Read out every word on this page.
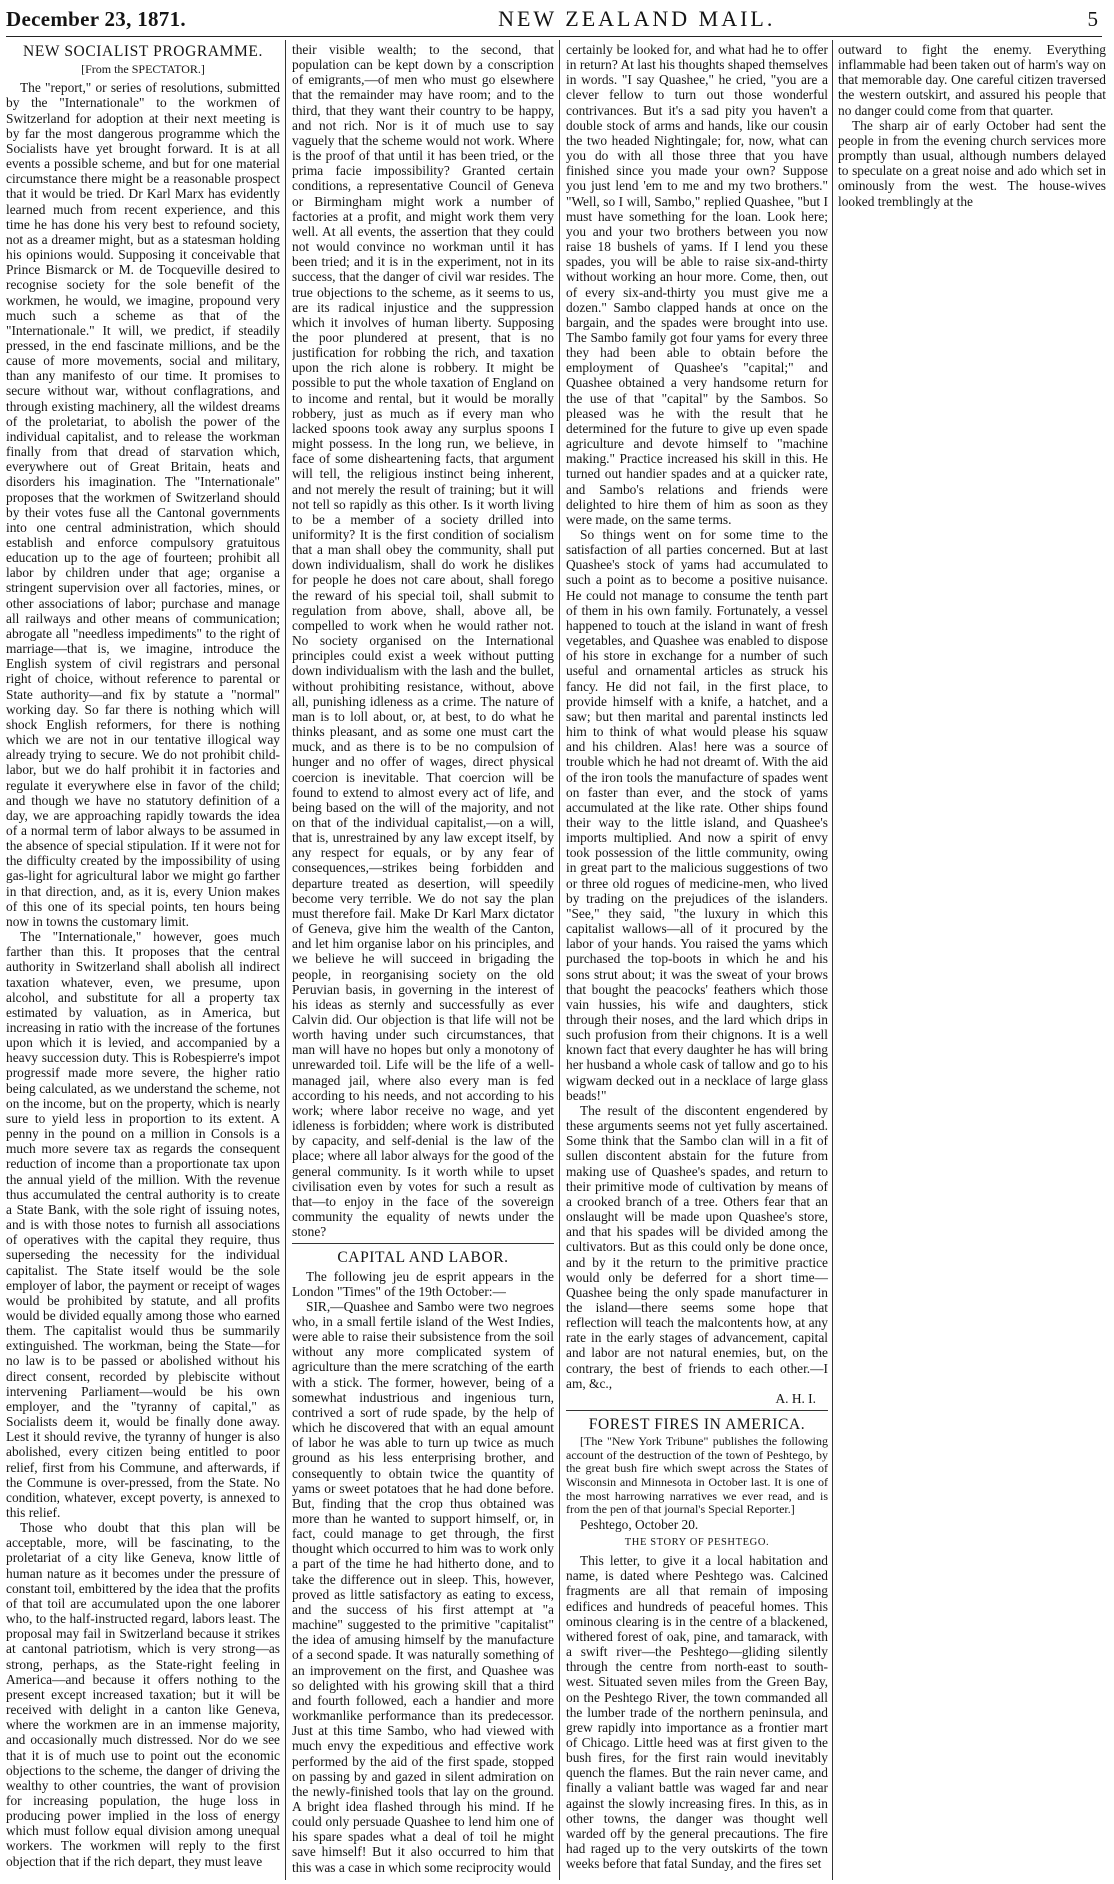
December 23, 1871.	NEW ZEALAND MAIL.	5
NEW SOCIALIST PROGRAMME.
[From the SPECTATOR.]

The "report," or series of resolutions, submitted by the "Internationale" to the workmen of Switzerland for adoption at their next meeting is by far the most dangerous programme which the Socialists have yet brought forward. It is at all events a possible scheme, and but for one material circumstance there might be a reasonable prospect that it would be tried. Dr Karl Marx has evidently learned much from recent experience, and this time he has done his very best to refound society, not as a dreamer might, but as a statesman holding his opinions would. Supposing it conceivable that Prince Bismarck or M. de Tocqueville desired to recognise society for the sole benefit of the workmen, he would, we imagine, propound very much such a scheme as that of the "Internationale." It will, we predict, if steadily pressed, in the end fascinate millions, and be the cause of more movements, social and military, than any manifesto of our time. It promises to secure without war, without conflagrations, and through existing machinery, all the wildest dreams of the proletariat, to abolish the power of the individual capitalist, and to release the workman finally from that dread of starvation which, everywhere out of Great Britain, heats and disorders his imagination. The "Internationale" proposes that the workmen of Switzerland should by their votes fuse all the Cantonal governments into one central administration, which should establish and enforce compulsory gratuitous education up to the age of fourteen; prohibit all labor by children under that age; organise a stringent supervision over all factories, mines, or other associations of labor; purchase and manage all railways and other means of communication; abrogate all "needless impediments" to the right of marriage—that is, we imagine, introduce the English system of civil registrars and personal right of choice, without reference to parental or State authority—and fix by statute a "normal" working day. So far there is nothing which will shock English reformers, for there is nothing which we are not in our tentative illogical way already trying to secure. We do not prohibit child-labor, but we do half prohibit it in factories and regulate it everywhere else in favor of the child; and though we have no statutory definition of a day, we are approaching rapidly towards the idea of a normal term of labor always to be assumed in the absence of special stipulation. If it were not for the difficulty created by the impossibility of using gas-light for agricultural labor we might go farther in that direction, and, as it is, every Union makes of this one of its special points, ten hours being now in towns the customary limit.

The "Internationale," however, goes much farther than this. It proposes that the central authority in Switzerland shall abolish all indirect taxation whatever, even, we presume, upon alcohol, and substitute for all a property tax estimated by valuation, as in America, but increasing in ratio with the increase of the fortunes upon which it is levied, and accompanied by a heavy succession duty. This is Robespierre's impot progressif made more severe, the higher ratio being calculated, as we understand the scheme, not on the income, but on the property, which is nearly sure to yield less in proportion to its extent. A penny in the pound on a million in Consols is a much more severe tax as regards the consequent reduction of income than a proportionate tax upon the annual yield of the million. With the revenue thus accumulated the central authority is to create a State Bank, with the sole right of issuing notes, and is with those notes to furnish all associations of operatives with the capital they require, thus superseding the necessity for the individual capitalist. The State itself would be the sole employer of labor, the payment or receipt of wages would be prohibited by statute, and all profits would be divided equally among those who earned them. The capitalist would thus be summarily extinguished. The workman, being the State—for no law is to be passed or abolished without his direct consent, recorded by plebiscite without intervening Parliament—would be his own employer, and the "tyranny of capital," as Socialists deem it, would be finally done away. Lest it should revive, the tyranny of hunger is also abolished, every citizen being entitled to poor relief, first from his Commune, and afterwards, if the Commune is over-pressed, from the State. No condition, whatever, except poverty, is annexed to this relief.

Those who doubt that this plan will be acceptable, more, will be fascinating, to the proletariat of a city like Geneva, know little of human nature as it becomes under the pressure of constant toil, embittered by the idea that the profits of that toil are accumulated upon the one laborer who, to the half-instructed regard, labors least. The proposal may fail in Switzerland because it strikes at cantonal patriotism, which is very strong—as strong, perhaps, as the State-right feeling in America—and because it offers nothing to the present except increased taxation; but it will be received with delight in a canton like Geneva, where the workmen are in an immense majority, and occasionally much distressed. Nor do we see that it is of much use to point out the economic objections to the scheme, the danger of driving the wealthy to other countries, the want of provision for increasing population, the huge loss in producing power implied in the loss of energy which must follow equal division among unequal workers. The workmen will reply to the first objection that if the rich depart, they must leave

their visible wealth; to the second, that population can be kept down by a conscription of emigrants,—of men who must go elsewhere that the remainder may have room; and to the third, that they want their country to be happy, and not rich. Nor is it of much use to say vaguely that the scheme would not work. Where is the proof of that until it has been tried, or the prima facie impossibility? Granted certain conditions, a representative Council of Geneva or Birmingham might work a number of factories at a profit, and might work them very well. At all events, the assertion that they could not would convince no workman until it has been tried; and it is in the experiment, not in its success, that the danger of civil war resides. The true objections to the scheme, as it seems to us, are its radical injustice and the suppression which it involves of human liberty. Supposing the poor plundered at present, that is no justification for robbing the rich, and taxation upon the rich alone is robbery. It might be possible to put the whole taxation of England on to income and rental, but it would be morally robbery, just as much as if every man who lacked spoons took away any surplus spoons I might possess. In the long run, we believe, in face of some disheartening facts, that argument will tell, the religious instinct being inherent, and not merely the result of training; but it will not tell so rapidly as this other. Is it worth living to be a member of a society drilled into uniformity? It is the first condition of socialism that a man shall obey the community, shall put down individualism, shall do work he dislikes for people he does not care about, shall forego the reward of his special toil, shall submit to regulation from above, shall, above all, be compelled to work when he would rather not. No society organised on the International principles could exist a week without putting down individualism with the lash and the bullet, without prohibiting resistance, without, above all, punishing idleness as a crime. The nature of man is to loll about, or, at best, to do what he thinks pleasant, and as some one must cart the muck, and as there is to be no compulsion of hunger and no offer of wages, direct physical coercion is inevitable. That coercion will be found to extend to almost every act of life, and being based on the will of the majority, and not on that of the individual capitalist,—on a will, that is, unrestrained by any law except itself, by any respect for equals, or by any fear of consequences,—strikes being forbidden and departure treated as desertion, will speedily become very terrible. We do not say the plan must therefore fail. Make Dr Karl Marx dictator of Geneva, give him the wealth of the Canton, and let him organise labor on his principles, and we believe he will succeed in brigading the people, in reorganising society on the old Peruvian basis, in governing in the interest of his ideas as sternly and successfully as ever Calvin did. Our objection is that life will not be worth having under such circumstances, that man will have no hopes but only a monotony of unrewarded toil. Life will be the life of a well-managed jail, where also every man is fed according to his needs, and not according to his work; where labor receive no wage, and yet idleness is forbidden; where work is distributed by capacity, and self-denial is the law of the place; where all labor always for the good of the general community. Is it worth while to upset civilisation even by votes for such a result as that—to enjoy in the face of the sovereign community the equality of newts under the stone?

CAPITAL AND LABOR.

The following jeu de esprit appears in the London "Times" of the 19th October:—

SIR,—Quashee and Sambo were two negroes who, in a small fertile island of the West Indies, were able to raise their subsistence from the soil without any more complicated system of agriculture than the mere scratching of the earth with a stick. The former, however, being of a somewhat industrious and ingenious turn, contrived a sort of rude spade, by the help of which he discovered that with an equal amount of labor he was able to turn up twice as much ground as his less enterprising brother, and consequently to obtain twice the quantity of yams or sweet potatoes that he had done before. But, finding that the crop thus obtained was more than he wanted to support himself, or, in fact, could manage to get through, the first thought which occurred to him was to work only a part of the time he had hitherto done, and to take the difference out in sleep. This, however, proved as little satisfactory as eating to excess, and the success of his first attempt at "a machine" suggested to the primitive "capitalist" the idea of amusing himself by the manufacture of a second spade. It was naturally something of an improvement on the first, and Quashee was so delighted with his growing skill that a third and fourth followed, each a handier and more workmanlike performance than its predecessor. Just at this time Sambo, who had viewed with much envy the expeditious and effective work performed by the aid of the first spade, stopped on passing by and gazed in silent admiration on the newly-finished tools that lay on the ground. A bright idea flashed through his mind. If he could only persuade Quashee to lend him one of his spare spades what a deal of toil he might save himself! But it also occurred to him that this was a case in which some reciprocity would

certainly be looked for, and what had he to offer in return? At last his thoughts shaped themselves in words. "I say Quashee," he cried, "you are a clever fellow to turn out those wonderful contrivances. But it's a sad pity you haven't a double stock of arms and hands, like our cousin the two headed Nightingale; for, now, what can you do with all those three that you have finished since you made your own? Suppose you just lend 'em to me and my two brothers." "Well, so I will, Sambo," replied Quashee, "but I must have something for the loan. Look here; you and your two brothers between you now raise 18 bushels of yams. If I lend you these spades, you will be able to raise six-and-thirty without working an hour more. Come, then, out of every six-and-thirty you must give me a dozen." Sambo clapped hands at once on the bargain, and the spades were brought into use. The Sambo family got four yams for every three they had been able to obtain before the employment of Quashee's "capital;" and Quashee obtained a very handsome return for the use of that "capital" by the Sambos. So pleased was he with the result that he determined for the future to give up even spade agriculture and devote himself to "machine making." Practice increased his skill in this. He turned out handier spades and at a quicker rate, and Sambo's relations and friends were delighted to hire them of him as soon as they were made, on the same terms.

So things went on for some time to the satisfaction of all parties concerned. But at last Quashee's stock of yams had accumulated to such a point as to become a positive nuisance. He could not manage to consume the tenth part of them in his own family. Fortunately, a vessel happened to touch at the island in want of fresh vegetables, and Quashee was enabled to dispose of his store in exchange for a number of such useful and ornamental articles as struck his fancy. He did not fail, in the first place, to provide himself with a knife, a hatchet, and a saw; but then marital and parental instincts led him to think of what would please his squaw and his children. Alas! here was a source of trouble which he had not dreamt of. With the aid of the iron tools the manufacture of spades went on faster than ever, and the stock of yams accumulated at the like rate. Other ships found their way to the little island, and Quashee's imports multiplied. And now a spirit of envy took possession of the little community, owing in great part to the malicious suggestions of two or three old rogues of medicine-men, who lived by trading on the prejudices of the islanders. "See," they said, "the luxury in which this capitalist wallows—all of it procured by the labor of your hands. You raised the yams which purchased the top-boots in which he and his sons strut about; it was the sweat of your brows that bought the peacocks' feathers which those vain hussies, his wife and daughters, stick through their noses, and the lard which drips in such profusion from their chignons. It is a well known fact that every daughter he has will bring her husband a whole cask of tallow and go to his wigwam decked out in a necklace of large glass beads!"

The result of the discontent engendered by these arguments seems not yet fully ascertained. Some think that the Sambo clan will in a fit of sullen discontent abstain for the future from making use of Quashee's spades, and return to their primitive mode of cultivation by means of a crooked branch of a tree. Others fear that an onslaught will be made upon Quashee's store, and that his spades will be divided among the cultivators. But as this could only be done once, and by it the return to the primitive practice would only be deferred for a short time—Quashee being the only spade manufacturer in the island—there seems some hope that reflection will teach the malcontents how, at any rate in the early stages of advancement, capital and labor are not natural enemies, but, on the contrary, the best of friends to each other.—I am, &c.,

A. H. I.

FOREST FIRES IN AMERICA.

[The "New York Tribune" publishes the following account of the destruction of the town of Peshtego, by the great bush fire which swept across the States of Wisconsin and Minnesota in October last. It is one of the most harrowing narratives we ever read, and is from the pen of that journal's Special Reporter.]

Peshtego, October 20.

THE STORY OF PESHTEGO.

This letter, to give it a local habitation and name, is dated where Peshtego was. Calcined fragments are all that remain of imposing edifices and hundreds of peaceful homes. This ominous clearing is in the centre of a blackened, withered forest of oak, pine, and tamarack, with a swift river—the Peshtego—gliding silently through the centre from north-east to south-west. Situated seven miles from the Green Bay, on the Peshtego River, the town commanded all the lumber trade of the northern peninsula, and grew rapidly into importance as a frontier mart of Chicago. Little heed was at first given to the bush fires, for the first rain would inevitably quench the flames. But the rain never came, and finally a valiant battle was waged far and near against the slowly increasing fires. In this, as in other towns, the danger was thought well warded off by the general precautions. The fire had raged up to the very outskirts of the town weeks before that fatal Sunday, and the fires set

outward to fight the enemy. Everything inflammable had been taken out of harm's way on that memorable day. One careful citizen traversed the western outskirt, and assured his people that no danger could come from that quarter.

The sharp air of early October had sent the people in from the evening church services more promptly than usual, although numbers delayed to speculate on a great noise and ado which set in ominously from the west. The house-wives looked tremblingly at the
